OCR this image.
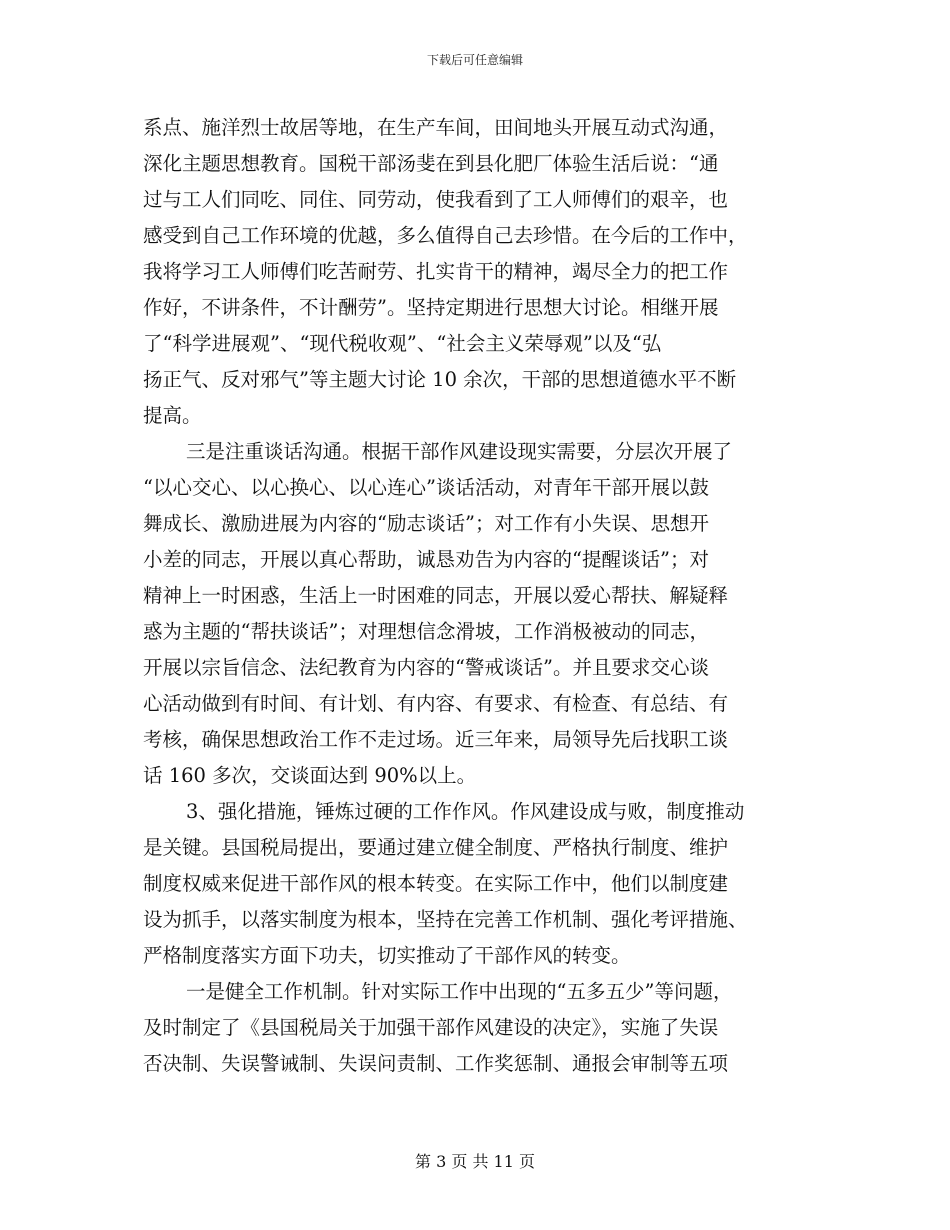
下载后可任意编辑
系点、施洋烈士故居等地，在生产车间，田间地头开展互动式沟通，
深化主题思想教育。国税干部汤斐在到县化肥厂体验生活后说：“通
过与工人们同吃、同住、同劳动，使我看到了工人师傅们的艰辛，也
感受到自己工作环境的优越，多么值得自己去珍惜。在今后的工作中，
我将学习工人师傅们吃苦耐劳、扎实肯干的精神，竭尽全力的把工作
作好，不讲条件，不计酬劳”。坚持定期进行思想大讨论。相继开展
了“科学进展观”、“现代税收观”、“社会主义荣辱观”以及“弘
扬正气、反对邪气”等主题大讨论 10 余次，干部的思想道德水平不断
提高。
三是注重谈话沟通。根据干部作风建设现实需要，分层次开展了
“以心交心、以心换心、以心连心”谈话活动，对青年干部开展以鼓
舞成长、激励进展为内容的“励志谈话”；对工作有小失误、思想开
小差的同志，开展以真心帮助，诚恳劝告为内容的“提醒谈话”；对
精神上一时困惑，生活上一时困难的同志，开展以爱心帮扶、解疑释
惑为主题的“帮扶谈话”；对理想信念滑坡，工作消极被动的同志，
开展以宗旨信念、法纪教育为内容的“警戒谈话”。并且要求交心谈
心活动做到有时间、有计划、有内容、有要求、有检查、有总结、有
考核，确保思想政治工作不走过场。近三年来，局领导先后找职工谈
话 160 多次，交谈面达到 90%以上。
3、强化措施，锤炼过硬的工作作风。作风建设成与败，制度推动
是关键。县国税局提出，要通过建立健全制度、严格执行制度、维护
制度权威来促进干部作风的根本转变。在实际工作中，他们以制度建
设为抓手，以落实制度为根本，坚持在完善工作机制、强化考评措施、
严格制度落实方面下功夫，切实推动了干部作风的转变。
一是健全工作机制。针对实际工作中出现的“五多五少”等问题，
及时制定了《县国税局关于加强干部作风建设的决定》，实施了失误
否决制、失误警诫制、失误问责制、工作奖惩制、通报会审制等五项
第 3 页 共 11 页
